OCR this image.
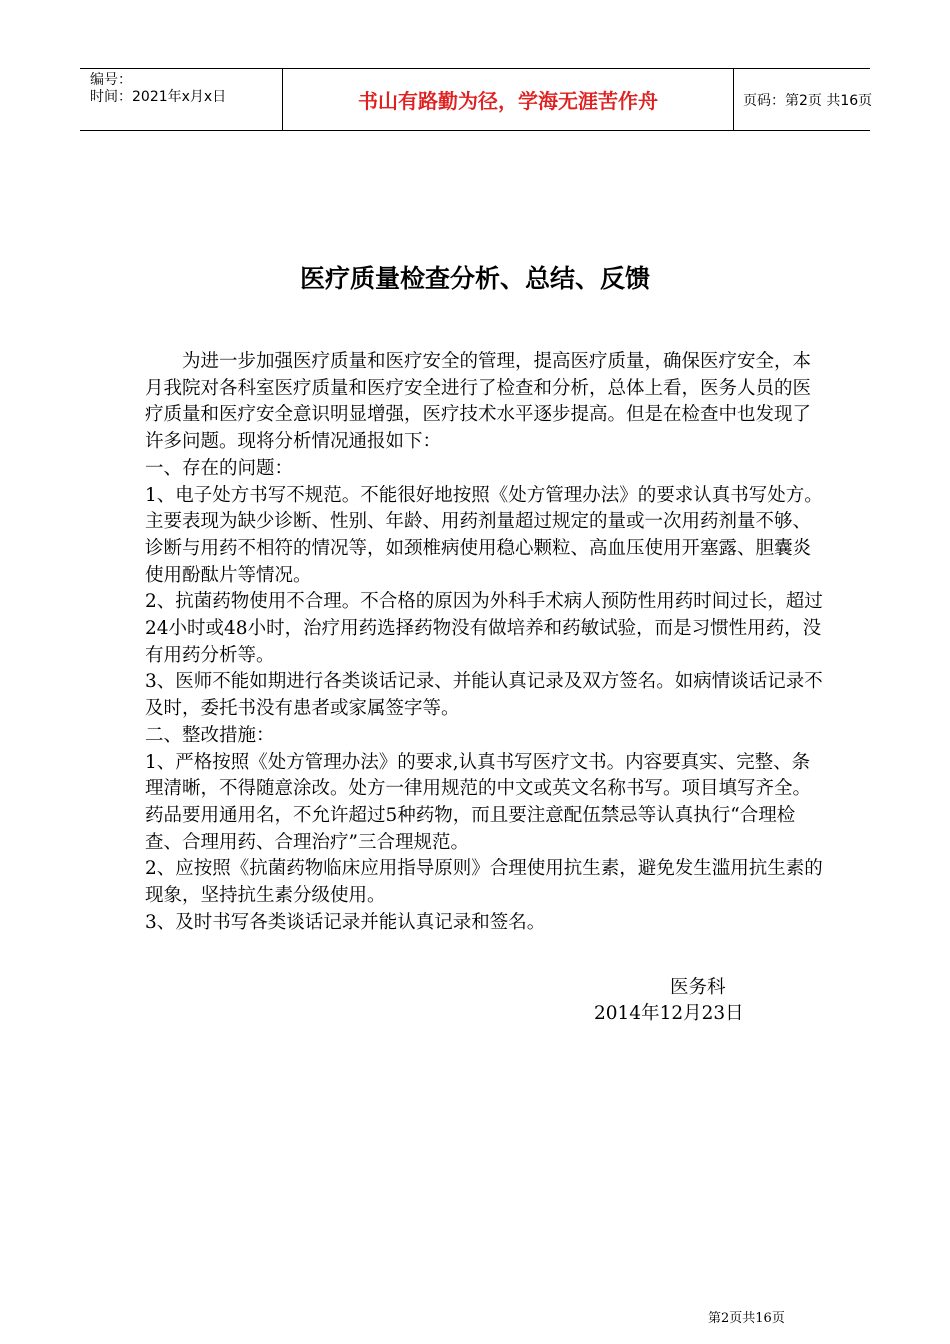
编号：
时间：2021年x月x日	书山有路勤为径，学海无涯苦作舟	页码：第2页 共16页
医疗质量检查分析、总结、反馈

为进一步加强医疗质量和医疗安全的管理，提高医疗质量，确保医疗安全，本月我院对各科室医疗质量和医疗安全进行了检查和分析，总体上看，医务人员的医疗质量和医疗安全意识明显增强，医疗技术水平逐步提高。但是在检查中也发现了许多问题。现将分析情况通报如下：

一、存在的问题：

1、电子处方书写不规范。不能很好地按照《处方管理办法》的要求认真书写处方。主要表现为缺少诊断、性别、年龄、用药剂量超过规定的量或一次用药剂量不够、诊断与用药不相符的情况等，如颈椎病使用稳心颗粒、高血压使用开塞露、胆囊炎使用酚酞片等情况。

2、抗菌药物使用不合理。不合格的原因为外科手术病人预防性用药时间过长，超过24小时或48小时，治疗用药选择药物没有做培养和药敏试验，而是习惯性用药，没有用药分析等。

3、医师不能如期进行各类谈话记录、并能认真记录及双方签名。如病情谈话记录不及时，委托书没有患者或家属签字等。

二、整改措施：

1、严格按照《处方管理办法》的要求,认真书写医疗文书。内容要真实、完整、条理清晰，不得随意涂改。处方一律用规范的中文或英文名称书写。项目填写齐全。药品要用通用名，不允许超过5种药物，而且要注意配伍禁忌等认真执行“合理检查、合理用药、合理治疗”三合理规范。

2、应按照《抗菌药物临床应用指导原则》合理使用抗生素，避免发生滥用抗生素的现象，坚持抗生素分级使用。

3、及时书写各类谈话记录并能认真记录和签名。

医务科
2014年12月23日
第2页共16页
